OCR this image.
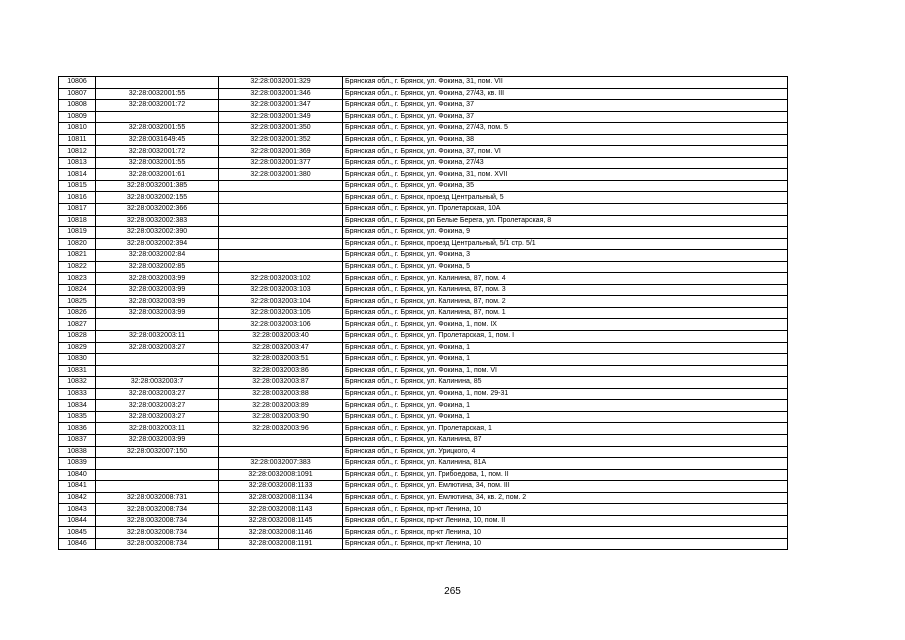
10806		32:28:0032001:329	Брянская обл., г. Брянск, ул. Фокина, 31, пом. VII
10807	32:28:0032001:55	32:28:0032001:346	Брянская обл., г. Брянск, ул. Фокина, 27/43, кв. III
10808	32:28:0032001:72	32:28:0032001:347	Брянская обл., г. Брянск, ул. Фокина, 37
10809		32:28:0032001:349	Брянская обл., г. Брянск, ул. Фокина, 37
10810	32:28:0032001:55	32:28:0032001:350	Брянская обл., г. Брянск, ул. Фокина, 27/43, пом. 5
10811	32:28:0031649:45	32:28:0032001:352	Брянская обл., г. Брянск, ул. Фокина, 38
10812	32:28:0032001:72	32:28:0032001:369	Брянская обл., г. Брянск, ул. Фокина, 37, пом. VI
10813	32:28:0032001:55	32:28:0032001:377	Брянская обл., г. Брянск, ул. Фокина, 27/43
10814	32:28:0032001:61	32:28:0032001:380	Брянская обл., г. Брянск, ул. Фокина, 31, пом. XVII
10815	32:28:0032001:385		Брянская обл., г. Брянск, ул. Фокина, 35
10816	32:28:0032002:155		Брянская обл., г. Брянск, проезд Центральный, 5
10817	32:28:0032002:366		Брянская обл., г. Брянск, ул. Пролетарская, 10А
10818	32:28:0032002:383		Брянская обл., г. Брянск, рп Белые Берега, ул. Пролетарская, 8
10819	32:28:0032002:390		Брянская обл., г. Брянск, ул. Фокина, 9
10820	32:28:0032002:394		Брянская обл., г. Брянск, проезд Центральный, 5/1 стр. 5/1
10821	32:28:0032002:84		Брянская обл., г. Брянск, ул. Фокина, 3
10822	32:28:0032002:85		Брянская обл., г. Брянск, ул. Фокина, 5
10823	32:28:0032003:99	32:28:0032003:102	Брянская обл., г. Брянск, ул. Калинина, 87, пом. 4
10824	32:28:0032003:99	32:28:0032003:103	Брянская обл., г. Брянск, ул. Калинина, 87, пом. 3
10825	32:28:0032003:99	32:28:0032003:104	Брянская обл., г. Брянск, ул. Калинина, 87, пом. 2
10826	32:28:0032003:99	32:28:0032003:105	Брянская обл., г. Брянск, ул. Калинина, 87, пом. 1
10827		32:28:0032003:106	Брянская обл., г. Брянск, ул. Фокина, 1, пом. IX
10828	32:28:0032003:11	32:28:0032003:40	Брянская обл., г. Брянск, ул. Пролетарская, 1, пом. I
10829	32:28:0032003:27	32:28:0032003:47	Брянская обл., г. Брянск, ул. Фокина, 1
10830		32:28:0032003:51	Брянская обл., г. Брянск, ул. Фокина, 1
10831		32:28:0032003:86	Брянская обл., г. Брянск, ул. Фокина, 1, пом. VI
10832	32:28:0032003:7	32:28:0032003:87	Брянская обл., г. Брянск, ул. Калинина, 85
10833	32:28:0032003:27	32:28:0032003:88	Брянская обл., г. Брянск, ул. Фокина, 1, пом. 29-31
10834	32:28:0032003:27	32:28:0032003:89	Брянская обл., г. Брянск, ул. Фокина, 1
10835	32:28:0032003:27	32:28:0032003:90	Брянская обл., г. Брянск, ул. Фокина, 1
10836	32:28:0032003:11	32:28:0032003:96	Брянская обл., г. Брянск, ул. Пролетарская, 1
10837	32:28:0032003:99		Брянская обл., г. Брянск, ул. Калинина, 87
10838	32:28:0032007:150		Брянская обл., г. Брянск, ул. Урицкого, 4
10839		32:28:0032007:383	Брянская обл., г. Брянск, ул. Калинина, 81А
10840		32:28:0032008:1091	Брянская обл., г. Брянск, ул. Грибоедова, 1, пом. II
10841		32:28:0032008:1133	Брянская обл., г. Брянск, ул. Емлютина, 34, пом. III
10842	32:28:0032008:731	32:28:0032008:1134	Брянская обл., г. Брянск, ул. Емлютина, 34, кв. 2, пом. 2
10843	32:28:0032008:734	32:28:0032008:1143	Брянская обл., г. Брянск, пр-кт Ленина, 10
10844	32:28:0032008:734	32:28:0032008:1145	Брянская обл., г. Брянск, пр-кт Ленина, 10, пом. II
10845	32:28:0032008:734	32:28:0032008:1146	Брянская обл., г. Брянск, пр-кт Ленина, 10
10846	32:28:0032008:734	32:28:0032008:1191	Брянская обл., г. Брянск, пр-кт Ленина, 10
265
